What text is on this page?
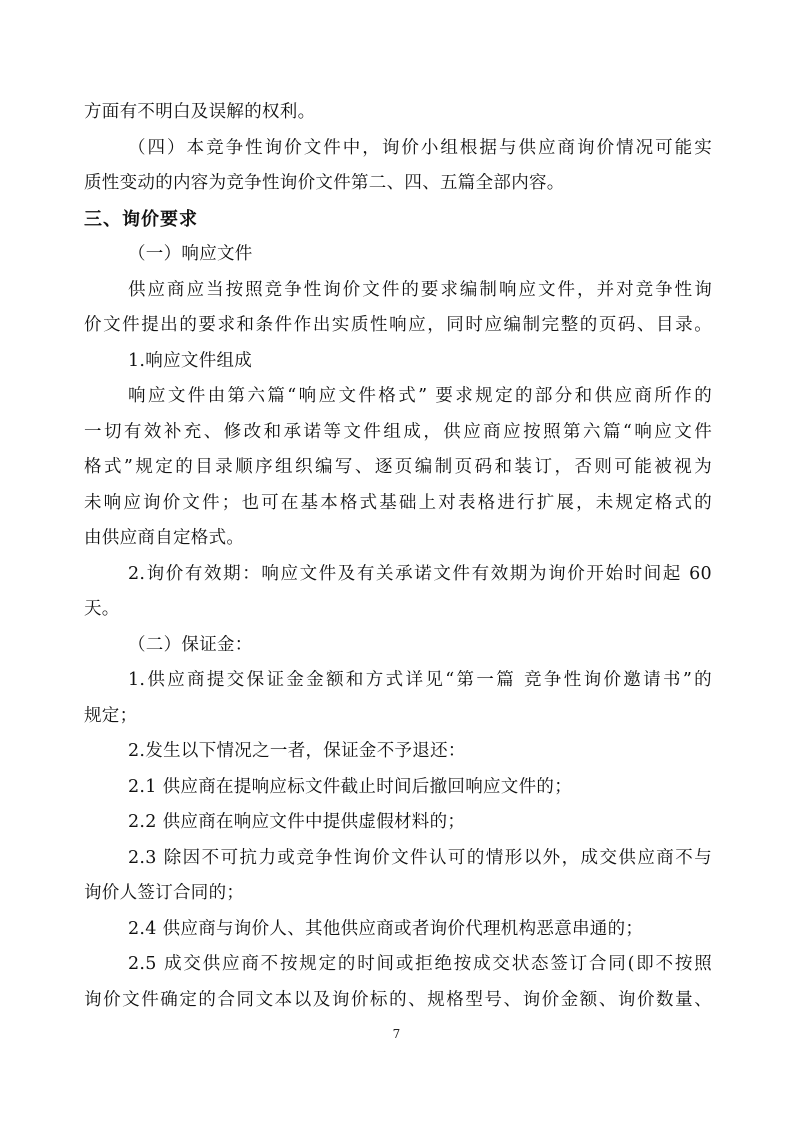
方面有不明白及误解的权利。
（四）本竞争性询价文件中，询价小组根据与供应商询价情况可能实
质性变动的内容为竞争性询价文件第二、四、五篇全部内容。
三、询价要求
（一）响应文件
供应商应当按照竞争性询价文件的要求编制响应文件，并对竞争性询
价文件提出的要求和条件作出实质性响应，同时应编制完整的页码、目录。
1.响应文件组成
响应文件由第六篇“响应文件格式” 要求规定的部分和供应商所作的
一切有效补充、修改和承诺等文件组成，供应商应按照第六篇“响应文件
格式”规定的目录顺序组织编写、逐页编制页码和装订，否则可能被视为
未响应询价文件；也可在基本格式基础上对表格进行扩展，未规定格式的
由供应商自定格式。
2.询价有效期：响应文件及有关承诺文件有效期为询价开始时间起 60
天。
（二）保证金：
1.供应商提交保证金金额和方式详见“第一篇 竞争性询价邀请书”的
规定；
2.发生以下情况之一者，保证金不予退还：
2.1 供应商在提响应标文件截止时间后撤回响应文件的；
2.2 供应商在响应文件中提供虚假材料的；
2.3 除因不可抗力或竞争性询价文件认可的情形以外，成交供应商不与
询价人签订合同的；
2.4 供应商与询价人、其他供应商或者询价代理机构恶意串通的；
2.5 成交供应商不按规定的时间或拒绝按成交状态签订合同(即不按照
询价文件确定的合同文本以及询价标的、规格型号、询价金额、询价数量、
7
